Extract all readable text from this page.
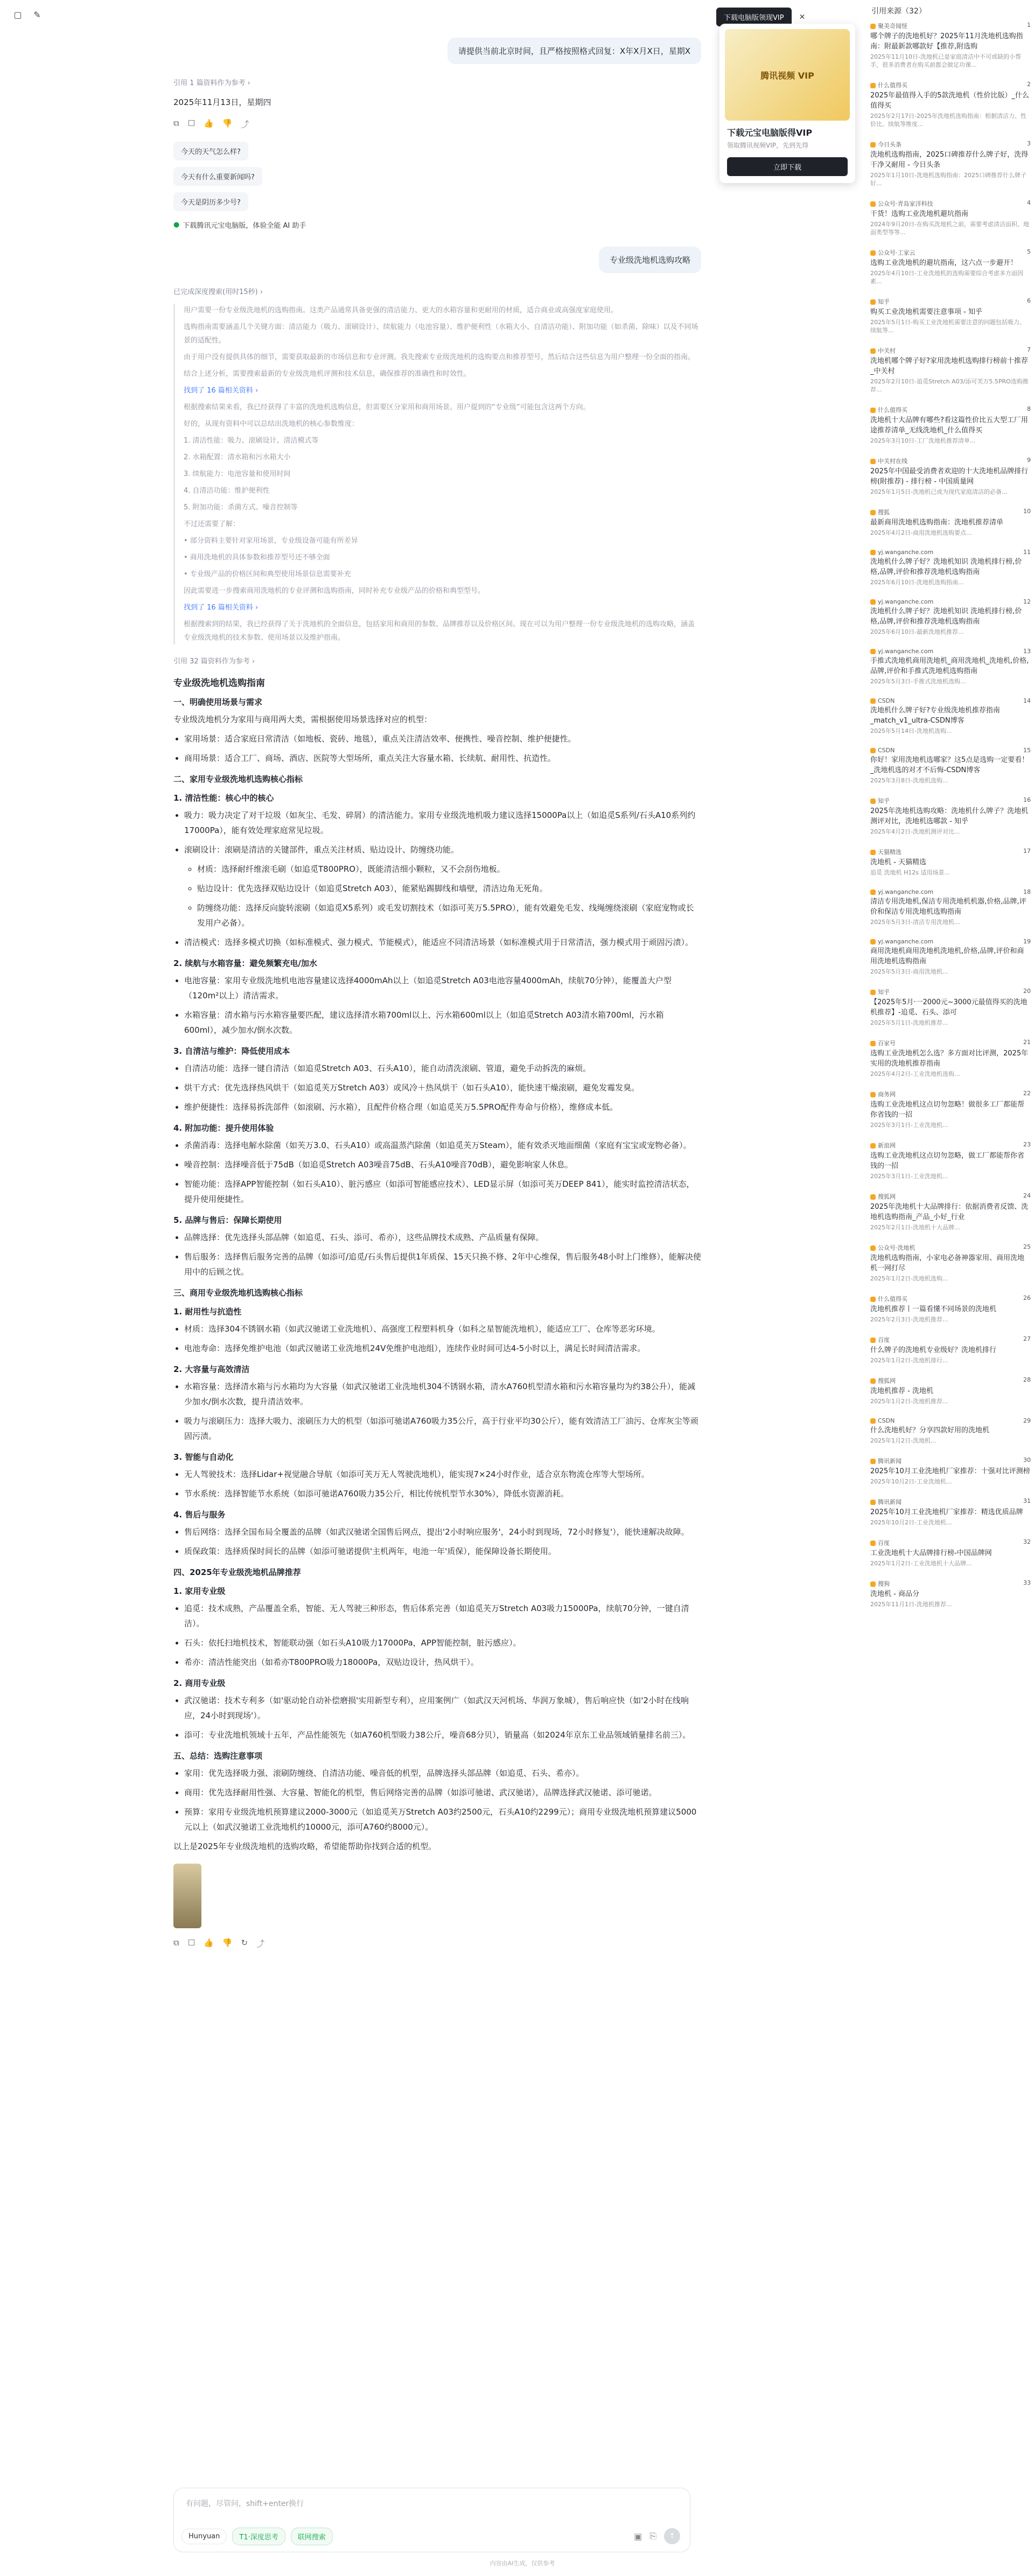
▢ ✎
请提供当前北京时间，且严格按照格式回复：X年X月X日，星期X
引用 1 篇资料作为参考 ›

2025年11月13日，星期四

⧉ ☐ 👍 👎 ⤴
今天的天气怎么样?
今天有什么重要新闻吗?
今天是阴历多少号?
● 下载腾讯元宝电脑版，体验全能 AI 助手
专业级洗地机选购攻略
已完成深度搜索(用时15秒) ›

用户需要一份专业级洗地机的选购指南。这类产品通常具备更强的清洁能力、更大的水箱容量和更耐用的材质，适合商业或高强度家庭使用。

选购指南需要涵盖几个关键方面：清洁能力（吸力、滚刷设计）、续航能力（电池容量）、维护便利性（水箱大小、自清洁功能）、附加功能（如杀菌、除味）以及不同场景的适配性。

由于用户没有提供具体的细节，需要获取最新的市场信息和专业评测。我先搜索专业级洗地机的选购要点和推荐型号，然后结合这些信息为用户整理一份全面的指南。

结合上述分析，需要搜索最新的专业级洗地机评测和技术信息，确保推荐的准确性和时效性。

找到了 16 篇相关资料 ›

根据搜索结果来看，我已经获得了丰富的洗地机选购信息，但需要区分家用和商用场景。用户提到的“专业级”可能包含这两个方向。

好的，从现有资料中可以总结出洗地机的核心参数维度：

1. 清洁性能：吸力、滚刷设计、清洁模式等

2. 水箱配置：清水箱和污水箱大小

3. 续航能力：电池容量和使用时间

4. 自清洁功能：维护便利性

5. 附加功能：杀菌方式、噪音控制等

不过还需要了解：

• 部分资料主要针对家用场景，专业级设备可能有所差异

• 商用洗地机的具体参数和推荐型号还不够全面

• 专业级产品的价格区间和典型使用场景信息需要补充

因此需要进一步搜索商用洗地机的专业评测和选购指南，同时补充专业级产品的价格和典型型号。

找到了 16 篇相关资料 ›

根据搜索到的结果，我已经获得了关于洗地机的全面信息，包括家用和商用的参数、品牌推荐以及价格区间。现在可以为用户整理一份专业级洗地机的选购攻略，涵盖专业级洗地机的技术参数、使用场景以及维护指南。

引用 32 篇资料作为参考 ›
专业级洗地机选购指南
一、明确使用场景与需求

专业级洗地机分为家用与商用两大类，需根据使用场景选择对应的机型：

• 家用场景：适合家庭日常清洁（如地板、瓷砖、地毯），重点关注清洁效率、便携性、噪音控制、维护便捷性。
• 商用场景：适合工厂、商场、酒店、医院等大型场所，重点关注大容量水箱、长续航、耐用性、抗造性。
二、家用专业级洗地机选购核心指标
1. 清洁性能：核心中的核心
• 吸力：吸力决定了对干垃圾（如灰尘、毛发、碎屑）的清洁能力。家用专业级洗地机吸力建议选择15000Pa以上（如追觅S系列/石头A10系列约17000Pa），能有效处理家庭常见垃圾。
• 滚刷设计：滚刷是清洁的关键部件，重点关注材质、贴边设计、防缠绕功能。
◦ 材质：选择耐纤维滚毛刷（如追觅T800PRO），既能清洁细小颗粒，又不会刮伤地板。
◦ 贴边设计：优先选择双贴边设计（如追觅Stretch A03），能紧贴踢脚线和墙壁，清洁边角无死角。
◦ 防缠绕功能：选择反向旋转滚刷（如追觅X5系列）或毛发切割技术（如添可芙万5.5PRO），能有效避免毛发、线绳缠绕滚刷（家庭宠物或长发用户必备）。
• 清洁模式：选择多模式切换（如标准模式、强力模式、节能模式），能适应不同清洁场景（如标准模式用于日常清洁，强力模式用于顽固污渍）。
2. 续航与水箱容量：避免频繁充电/加水
• 电池容量：家用专业级洗地机电池容量建议选择4000mAh以上（如追觅Stretch A03电池容量4000mAh，续航70分钟），能覆盖大户型（120m²以上）清洁需求。
• 水箱容量：清水箱与污水箱容量要匹配，建议选择清水箱700ml以上、污水箱600ml以上（如追觅Stretch A03清水箱700ml，污水箱600ml），减少加水/倒水次数。
3. 自清洁与维护：降低使用成本
• 自清洁功能：选择一键自清洁（如追觅Stretch A03、石头A10），能自动清洗滚刷、管道，避免手动拆洗的麻烦。
• 烘干方式：优先选择热风烘干（如追觅芙万Stretch A03）或风冷＋热风烘干（如石头A10），能快速干燥滚刷，避免发霉发臭。
• 维护便捷性：选择易拆洗部件（如滚刷、污水箱），且配件价格合理（如追觅芙万5.5PRO配件寿命与价格），维修成本低。
4. 附加功能：提升使用体验
• 杀菌消毒：选择电解水除菌（如芙万3.0、石头A10）或高温蒸汽除菌（如追觅芙万Steam），能有效杀灭地面细菌（家庭有宝宝或宠物必备）。
• 噪音控制：选择噪音低于75dB（如追觅Stretch A03噪音75dB、石头A10噪音70dB），避免影响家人休息。
• 智能功能：选择APP智能控制（如石头A10）、脏污感应（如添可智能感应技术）、LED显示屏（如添可芙万DEEP 841），能实时监控清洁状态，提升使用便捷性。
5. 品牌与售后：保障长期使用
• 品牌选择：优先选择头部品牌（如追觅、石头、添可、希亦），这些品牌技术成熟、产品质量有保障。
• 售后服务：选择售后服务完善的品牌（如添可/追觅/石头售后提供1年质保、15天只换不修、2年中心维保，售后服务48小时上门维修），能解决使用中的后顾之忧。
三、商用专业级洗地机选购核心指标
1. 耐用性与抗造性
• 材质：选择304不锈钢水箱（如武汉驰诺工业洗地机）、高强度工程塑料机身（如科之星智能洗地机），能适应工厂、仓库等恶劣环境。
• 电池寿命：选择免维护电池（如武汉驰诺工业洗地机24V免维护电池组），连续作业时间可达4-5小时以上，满足长时间清洁需求。
2. 大容量与高效清洁
• 水箱容量：选择清水箱与污水箱均为大容量（如武汉驰诺工业洗地机304不锈钢水箱，清水A760机型清水箱和污水箱容量均为约38公升），能减少加水/倒水次数，提升清洁效率。
• 吸力与滚刷压力：选择大吸力、滚刷压力大的机型（如添可驰诺A760吸力35公斤，高于行业平均30公斤），能有效清洁工厂油污、仓库灰尘等顽固污渍。
3. 智能与自动化
• 无人驾驶技术：选择Lidar+视觉融合导航（如添可芙万无人驾驶洗地机），能实现7×24小时作业，适合京东物流仓库等大型场所。
• 节水系统：选择智能节水系统（如添可驰诺A760吸力35公斤，相比传统机型节水30%），降低水资源消耗。
4. 售后与服务
• 售后网络：选择全国布局全覆盖的品牌（如武汉驰诺全国售后网点，提出'2小时响应服务'，24小时到现场，72小时修复'），能快速解决故障。
• 质保政策：选择质保时间长的品牌（如添可驰诺提供'主机两年，电池一年'质保），能保障设备长期使用。
四、2025年专业级洗地机品牌推荐
1. 家用专业级
• 追觅：技术成熟，产品覆盖全系，智能、无人驾驶三种形态，售后体系完善（如追觅芙万Stretch A03吸力15000Pa，续航70分钟，一键自清洁）。
• 石头：依托扫地机技术，智能联动强（如石头A10吸力17000Pa，APP智能控制，脏污感应）。
• 希亦：清洁性能突出（如希亦T800PRO吸力18000Pa，双贴边设计，热风烘干）。
2. 商用专业级
• 武汉驰诺：技术专利多（如'驱动轮自动补偿磨损'实用新型专利），应用案例广（如武汉天河机场、华润万象城），售后响应快（如'2小时在线响应，24小时到现场'）。
• 添可：专业洗地机领域十五年，产品性能领先（如A760机型吸力38公斤，噪音68分贝），销量高（如2024年京东工业品领域销量排名前三）。
五、总结：选购注意事项
• 家用：优先选择吸力强、滚刷防缠绕、自清洁功能、噪音低的机型，品牌选择头部品牌（如追觅、石头、希亦）。
• 商用：优先选择耐用性强、大容量、智能化的机型，售后网络完善的品牌（如添可驰诺、武汉驰诺），品牌选择武汉驰诺、添可驰诺。
• 预算：家用专业级洗地机预算建议2000-3000元（如追觅芙万Stretch A03约2500元，石头A10约2299元）；商用专业级洗地机预算建议5000元以上（如武汉驰诺工业洗地机约10000元，添可A760约8000元）。

以上是2025年专业级洗地机的选购攻略，希望能帮助你找到合适的机型。

⧉ ☐ 👍 👎 ↻ ⤴
下载电脑版领现VIP	✕
腾讯视频 VIP
下载元宝电脑版得VIP
领取腾讯视频VIP，先到先得
立即下载
引用来源（32）
聚美奇闻怪	1
哪个牌子的洗地机好？2025年11月洗地机选购指南：附最新款哪款好【推荐,附选购
2025年11月10日-洗地机已是家庭清洁中不可或缺的小帮手，很多消费者在购买前都会做足功课...
什么值得买	2
2025年最值得入手的5款洗地机（性价比版）_什么值得买
2025年2月17日-2025年洗地机选购指南：根据清洁力、性价比、续航等维度...
今日头条	3
洗地机选购指南，2025口碑推荐什么牌子好，洗得干净又耐用 - 今日头条
2025年1月10日-洗地机选购指南：2025口碑推荐什么牌子好...
公众号·青岛家洋科技	4
干货！选购工业洗地机避坑指南
2024年9月20日-在购买洗地机之前，需要考虑清洁面积、地面类型等等...
公众号·工家云	5
选购工业洗地机的避坑指南，这六点一步避开！
2025年4月10日-工业洗地机的选购需要综合考虑多方面因素...
知乎	6
购买工业洗地机需要注意事项 - 知乎
2025年5月1日-购买工业洗地机需要注意的问题包括吸力、续航等...
中关村	7
洗地机哪个牌子好?家用洗地机选购排行榜前十推荐_中关村
2025年2月10日-追觅Stretch A03/添可芙万5.5PRO选购推荐...
什么值得买	8
洗地机十大品牌有哪些?看这篇性价比五大型工厂用途推荐清单_无线洗地机_什么值得买
2025年3月10日-工厂洗地机推荐清单...
中关村在线	9
2025年中国最受消费者欢迎的十大洗地机品牌排行榜(附推荐) - 排行榜 - 中国质量网
2025年1月5日-洗地机已成为现代家庭清洁的必备...
搜狐	10
最新商用洗地机选购指南：洗地机推荐清单
2025年4月2日-商用洗地机选购要点...
yj.wanganche.com	11
洗地机什么牌子好？洗地机知识 洗地机排行榜,价格,品牌,评价和推荐洗地机选购指南
2025年6月10日-洗地机选购指南...
yj.wanganche.com	12
洗地机什么牌子好？洗地机知识 洗地机排行榜,价格,品牌,评价和推荐洗地机选购指南
2025年6月10日-最新洗地机推荐...
yj.wanganche.com	13
手推式洗地机商用洗地机_商用洗地机_洗地机,价格,品牌,评价和手推式洗地机选购指南
2025年5月3日-手推式洗地机选购...
CSDN	14
洗地机什么牌子好?专业级洗地机推荐指南_match_v1_ultra-CSDN博客
2025年5月14日-洗地机选购...
CSDN	15
你好！家用洗地机选哪家？这5点是选购一定要看！_洗地机选的对才不后悔-CSDN博客
2025年3月8日-洗地机选购...
知乎	16
2025年洗地机选购攻略：洗地机什么牌子？洗地机测评对比，洗地机选哪款 - 知乎
2025年4月2日-洗地机测评对比...
天猫精选	17
洗地机 - 天猫精选
追觅 洗地机 H12s 适用场景...
yj.wanganche.com	18
清洁专用洗地机,保洁专用洗地机机器,价格,品牌,评价和保洁专用洗地机选购指南
2025年5月3日-清洁专用洗地机...
yj.wanganche.com	19
商用洗地机商用洗地机洗地机,价格,品牌,评价和商用洗地机选购指南
2025年5月3日-商用洗地机...
知乎	20
【2025年5月·一2000元~3000元最值得买的洗地机推荐】-追觅、石头、添可
2025年5月1日-洗地机推荐...
百家号	21
选购工业洗地机怎么选？多方面对比评测，2025年实用的洗地机推荐指南
2025年4月2日-工业洗地机选购...
商务网	22
选购工业洗地机这点切勿忽略！做很多工厂都能帮你省钱的一招
2025年3月1日-工业洗地机...
新浪网	23
选购工业洗地机这点切勿忽略，做工厂都能帮你省钱的一招
2025年3月1日-工业洗地机...
搜狐网	24
2025年洗地机十大品牌排行：依据消费者反馈、洗地机选购指南_产品_小好_行业
2025年2月1日-洗地机十大品牌...
公众号·洗地机	25
洗地机选购指南，小家电必备神器家用、商用洗地机一网打尽
2025年1月2日-洗地机选购...
什么值得买	26
洗地机推荐丨一篇看懂不同场景的洗地机
2025年2月3日-洗地机推荐...
百度	27
什么牌子的洗地机专业级好？洗地机排行
2025年1月2日-洗地机排行...
搜狐网	28
洗地机推荐 - 洗地机
2025年1月2日-洗地机推荐...
CSDN	29
什么洗地机好？分享四款好用的洗地机
2025年1月2日-洗地机...
腾讯新闻	30
2025年10月工业洗地机厂家推荐：十强对比评测榜
2025年10月2日-工业洗地机...
腾讯新闻	31
2025年10月工业洗地机厂家推荐：精选优质品牌
2025年10月2日-工业洗地机...
百度	32
工业洗地机十大品牌排行榜-中国品牌网
2025年1月2日-工业洗地机十大品牌...
搜狗	33
洗地机 - 商品分
2025年11月1日-洗地机推荐...
有问题，尽管问，shift+enter换行
Hunyuan	T1·深度思考	联网搜索	▣ ⎘	↑
内容由AI生成，仅供参考
